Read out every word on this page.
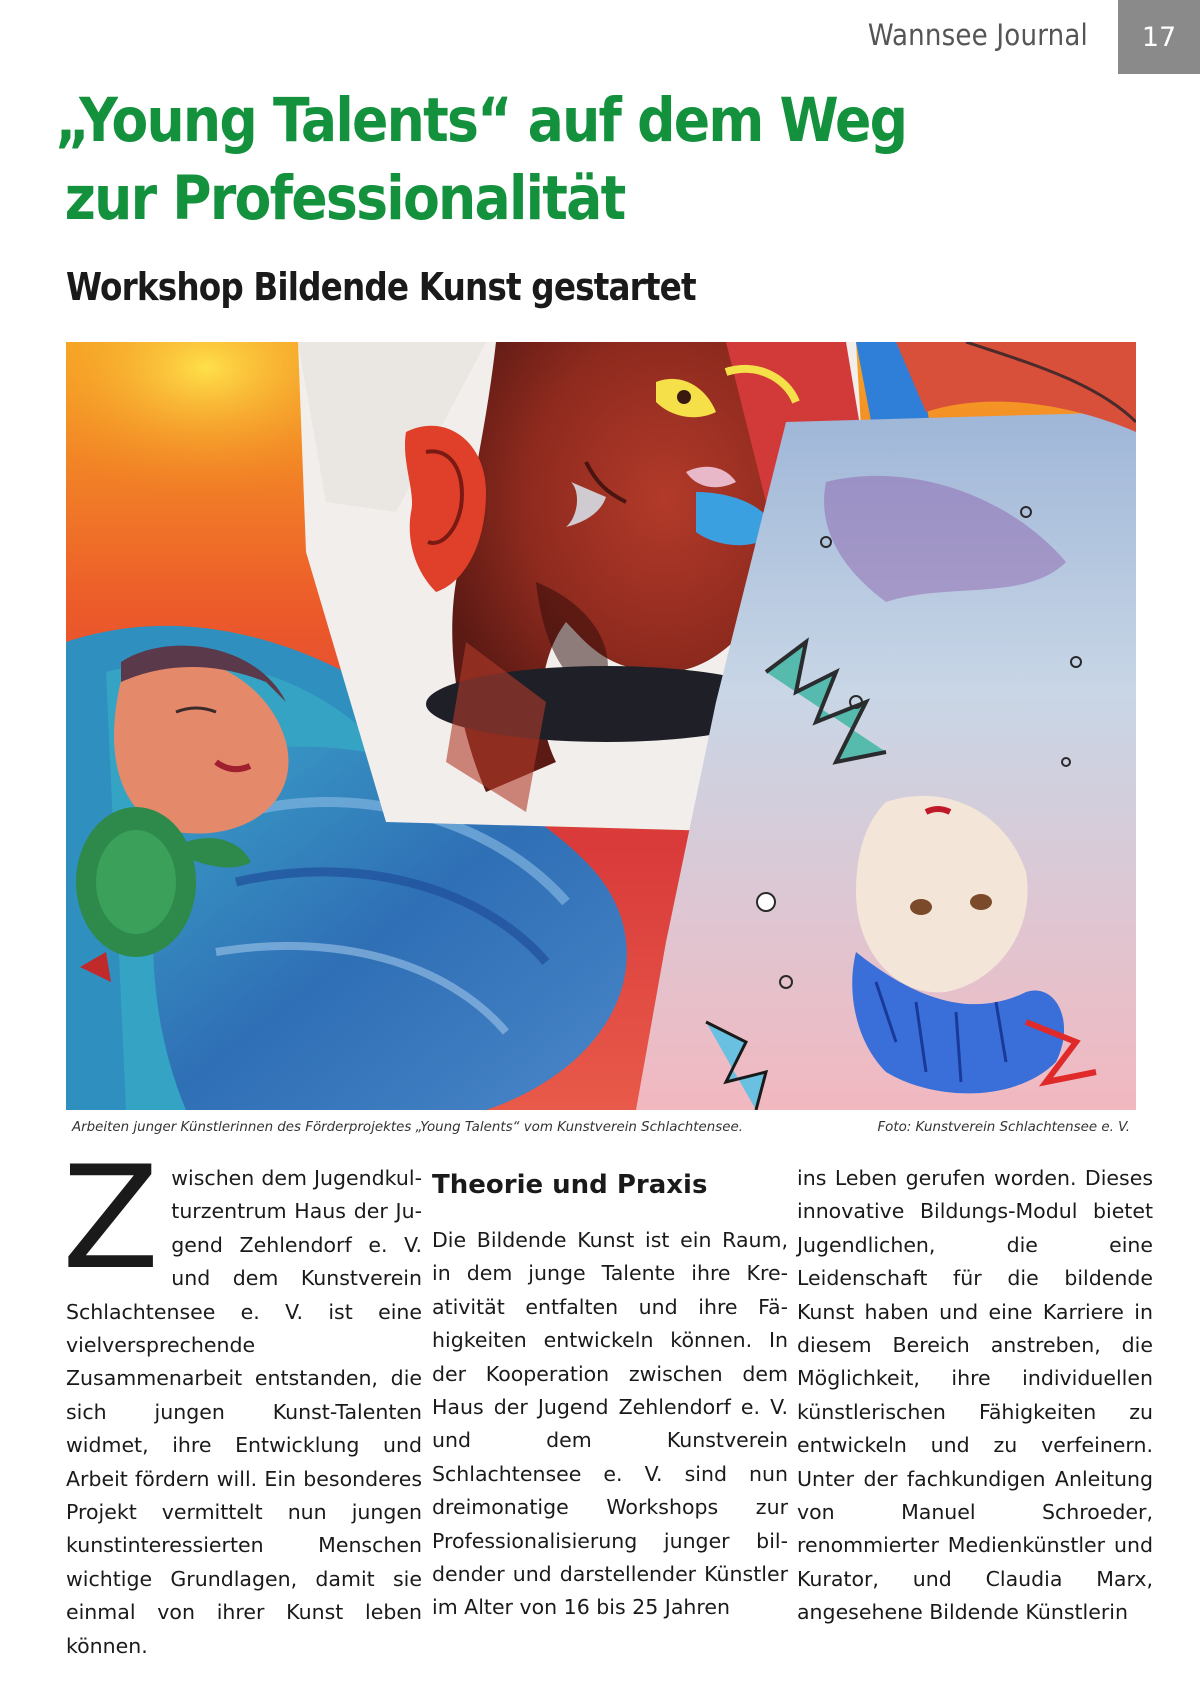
Wannsee Journal	17
„Young Talents“ auf dem Weg
zur Professionalität
Workshop Bildende Kunst gestartet
Arbeiten junger Künstlerinnen des Förderprojektes „Young Talents“ vom Kunstverein Schlachtensee.	Foto: Kunstverein Schlachtensee e. V.
Z wischen dem Jugendkulturzentrum Haus der Jugend Zehlendorf e. V. und dem Kunstverein Schlachtensee e. V. ist eine vielversprechende Zusammenarbeit entstanden, die sich jungen Kunst-Talenten widmet, ihre Entwicklung und Arbeit fördern will. Ein besonderes Projekt vermittelt nun jungen kunstinteressierten Menschen wichtige Grundlagen, damit sie einmal von ihrer Kunst leben können.
Theorie und Praxis
Die Bildende Kunst ist ein Raum, in dem junge Talente ihre Kreativität entfalten und ihre Fähigkeiten entwickeln können. In der Kooperation zwischen dem Haus der Jugend Zehlendorf e. V. und dem Kunstverein Schlachtensee e. V. sind nun dreimonatige Workshops zur Professionalisierung junger bildender und darstellender Künstler im Alter von 16 bis 25 Jahren
ins Leben gerufen worden. Dieses innovative Bildungs-Modul bietet Jugendlichen, die eine Leidenschaft für die bildende Kunst haben und eine Karriere in diesem Bereich anstreben, die Möglichkeit, ihre individuellen künstlerischen Fähigkeiten zu entwickeln und zu verfeinern. Unter der fachkundigen Anleitung von Manuel Schroeder, renommierter Medienkünstler und Kurator, und Claudia Marx, angesehene Bildende Künstlerin
